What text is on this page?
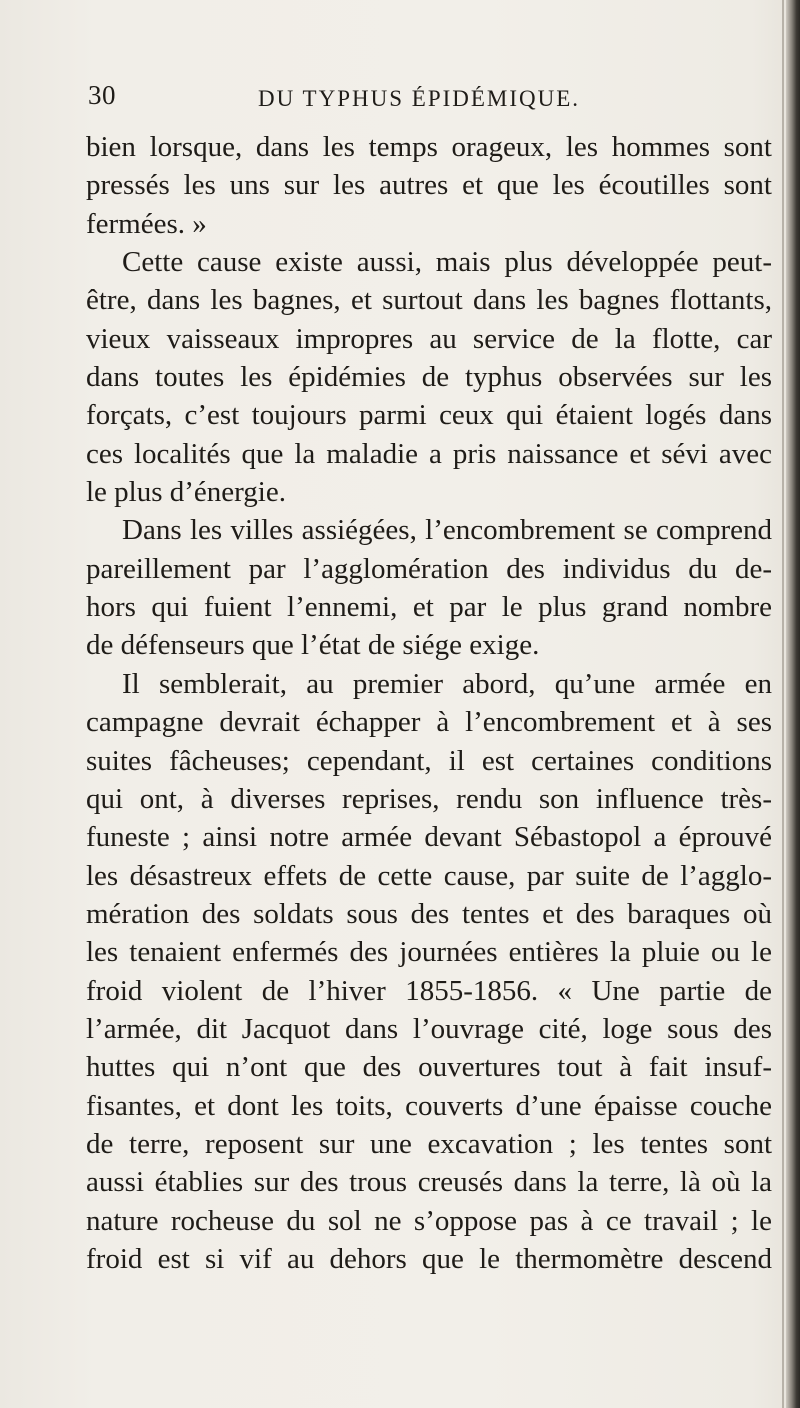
30	DU TYPHUS ÉPIDÉMIQUE.
bien lorsque, dans les temps orageux, les hommes sont
pressés les uns sur les autres et que les écoutilles sont
fermées. »
Cette cause existe aussi, mais plus développée peut-
être, dans les bagnes, et surtout dans les bagnes flottants,
vieux vaisseaux impropres au service de la flotte, car
dans toutes les épidémies de typhus observées sur les
forçats, c’est toujours parmi ceux qui étaient logés dans
ces localités que la maladie a pris naissance et sévi avec
le plus d’énergie.
Dans les villes assiégées, l’encombrement se comprend
pareillement par l’agglomération des individus du de-
hors qui fuient l’ennemi, et par le plus grand nombre
de défenseurs que l’état de siége exige.
Il semblerait, au premier abord, qu’une armée en
campagne devrait échapper à l’encombrement et à ses
suites fâcheuses; cependant, il est certaines conditions
qui ont, à diverses reprises, rendu son influence très-
funeste ; ainsi notre armée devant Sébastopol a éprouvé
les désastreux effets de cette cause, par suite de l’agglo-
mération des soldats sous des tentes et des baraques où
les tenaient enfermés des journées entières la pluie ou le
froid violent de l’hiver 1855-1856. « Une partie de
l’armée, dit Jacquot dans l’ouvrage cité, loge sous des
huttes qui n’ont que des ouvertures tout à fait insuf-
fisantes, et dont les toits, couverts d’une épaisse couche
de terre, reposent sur une excavation ; les tentes sont
aussi établies sur des trous creusés dans la terre, là où la
nature rocheuse du sol ne s’oppose pas à ce travail ; le
froid est si vif au dehors que le thermomètre descend
